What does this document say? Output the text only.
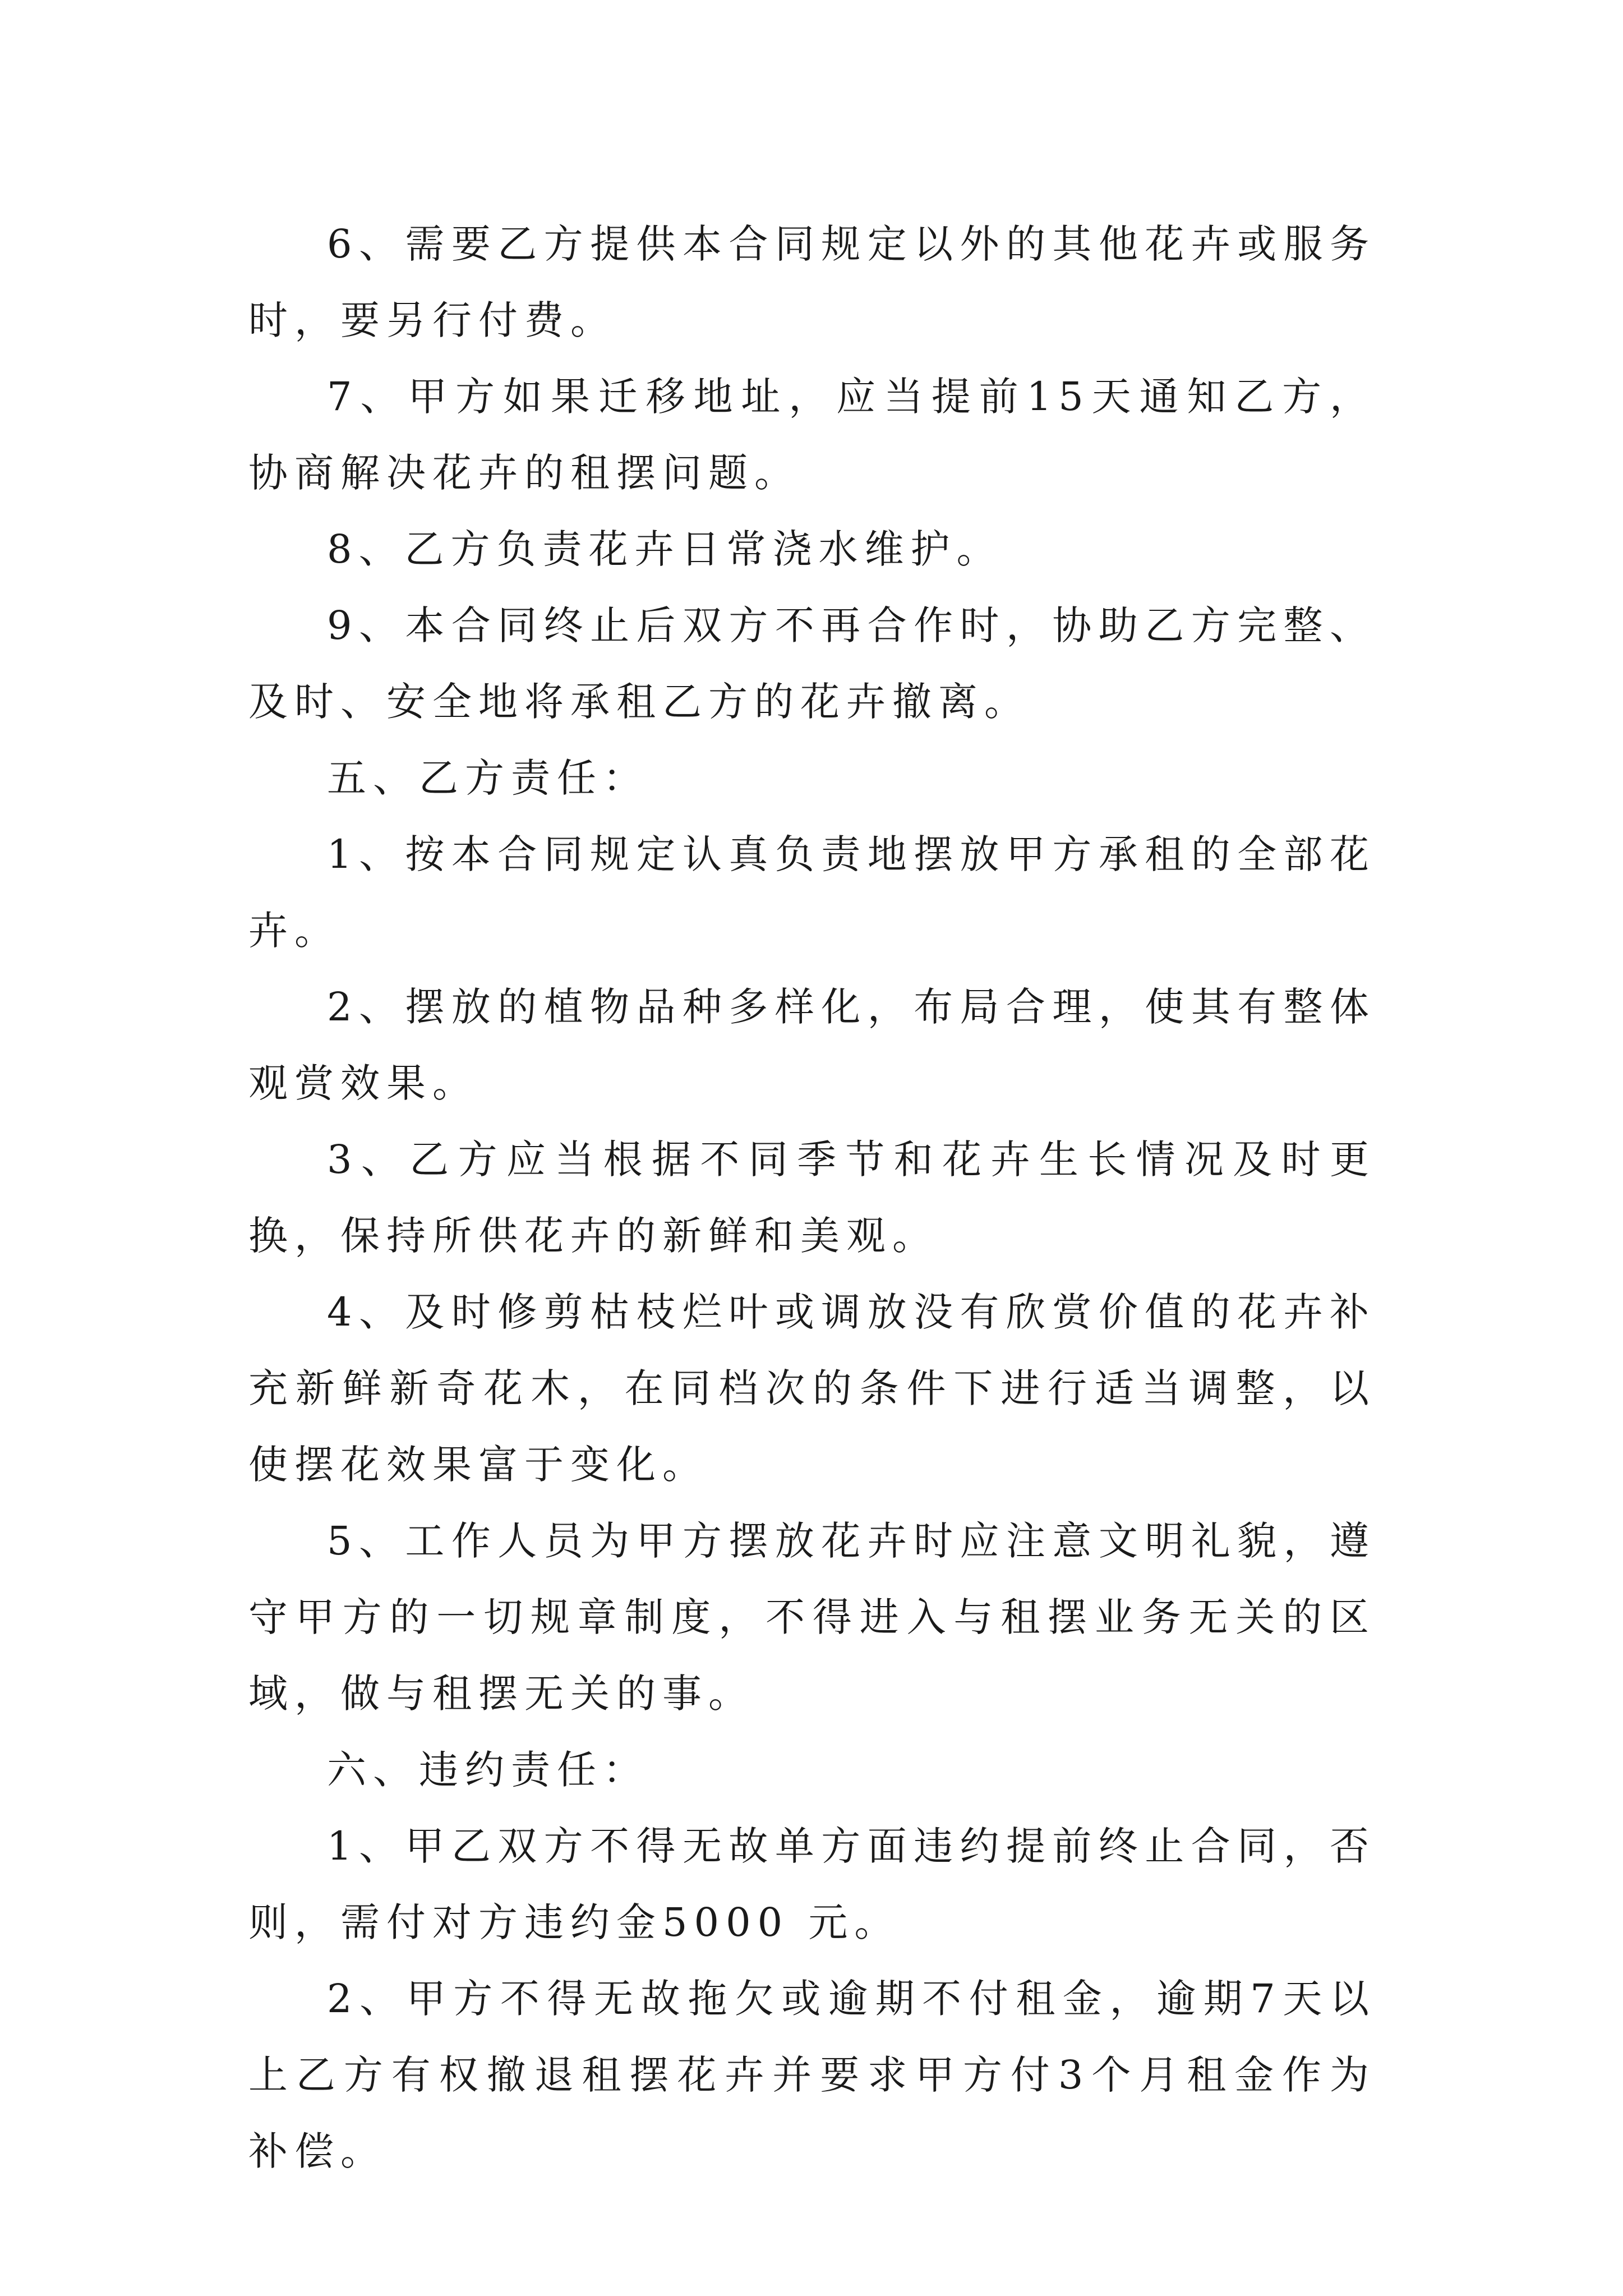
6、需要乙方提供本合同规定以外的其他花卉或服务时，要另行付费。

7、甲方如果迁移地址，应当提前15天通知乙方，协商解决花卉的租摆问题。

8、乙方负责花卉日常浇水维护。

9、本合同终止后双方不再合作时，协助乙方完整、及时、安全地将承租乙方的花卉撤离。

五、乙方责任：

1、按本合同规定认真负责地摆放甲方承租的全部花卉。

2、摆放的植物品种多样化，布局合理，使其有整体观赏效果。

3、乙方应当根据不同季节和花卉生长情况及时更换，保持所供花卉的新鲜和美观。

4、及时修剪枯枝烂叶或调放没有欣赏价值的花卉补充新鲜新奇花木，在同档次的条件下进行适当调整，以使摆花效果富于变化。

5、工作人员为甲方摆放花卉时应注意文明礼貌，遵守甲方的一切规章制度，不得进入与租摆业务无关的区域，做与租摆无关的事。

六、违约责任：

1、甲乙双方不得无故单方面违约提前终止合同，否则，需付对方违约金5000 元。

2、甲方不得无故拖欠或逾期不付租金，逾期7天以上乙方有权撤退租摆花卉并要求甲方付3个月租金作为补偿。
